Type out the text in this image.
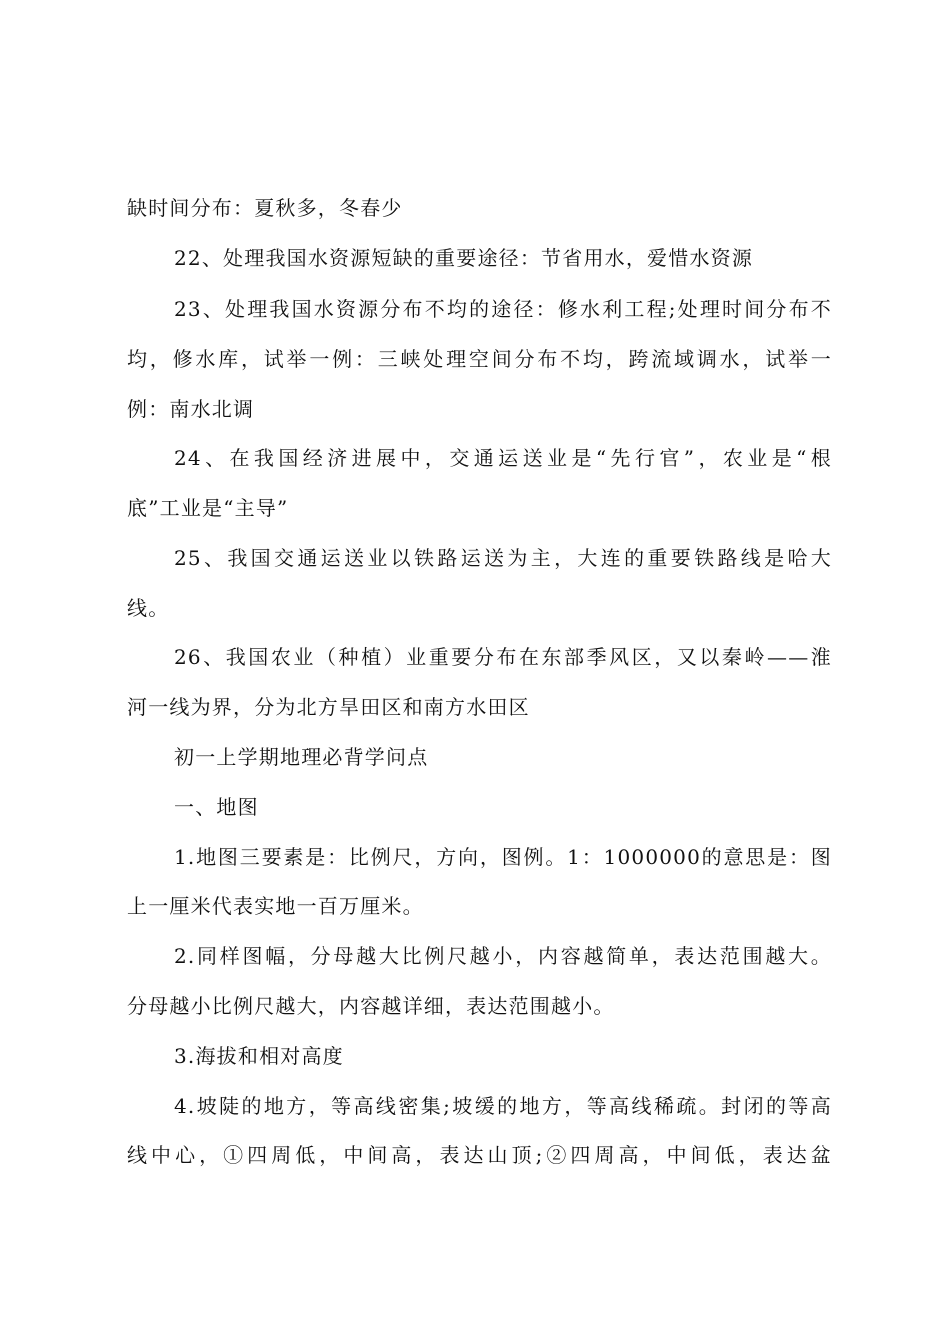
缺时间分布：夏秋多，冬春少
22、处理我国水资源短缺的重要途径：节省用水，爱惜水资源
23、处理我国水资源分布不均的途径：修水利工程;处理时间分布不
均，修水库，试举一例：三峡处理空间分布不均，跨流域调水，试举一
例：南水北调
24、在我国经济进展中，交通运送业是“先行官”，农业是“根
底”工业是“主导”
25、我国交通运送业以铁路运送为主，大连的重要铁路线是哈大
线。
26、我国农业（种植）业重要分布在东部季风区，又以秦岭——淮
河一线为界，分为北方旱田区和南方水田区
初一上学期地理必背学问点
一、地图
1.地图三要素是：比例尺，方向，图例。1：1000000的意思是：图
上一厘米代表实地一百万厘米。
2.同样图幅，分母越大比例尺越小，内容越简单，表达范围越大。
分母越小比例尺越大，内容越详细，表达范围越小。
3.海拔和相对高度
4.坡陡的地方，等高线密集;坡缓的地方，等高线稀疏。封闭的等高
线中心，①四周低，中间高，表达山顶;②四周高，中间低，表达盆
